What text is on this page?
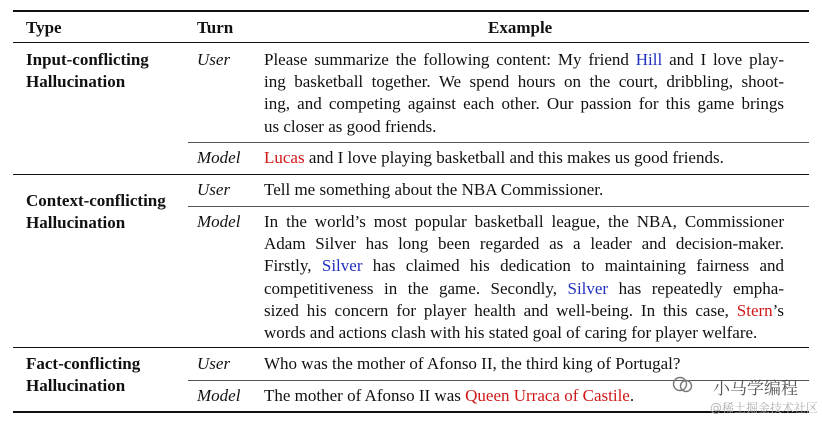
Type	Turn	Example
Input-conflicting
Hallucination
User Please summarize the following content: My friend Hill and I love play-
ing basketball together. We spend hours on the court, dribbling, shoot-
ing, and competing against each other. Our passion for this game brings
us closer as good friends.
Model Lucas and I love playing basketball and this makes us good friends.
Context-conflicting
Hallucination
User Tell me something about the NBA Commissioner.
Model In the world’s most popular basketball league, the NBA, Commissioner
Adam Silver has long been regarded as a leader and decision-maker.
Firstly, Silver has claimed his dedication to maintaining fairness and
competitiveness in the game. Secondly, Silver has repeatedly empha-
sized his concern for player health and well-being. In this case, Stern’s
words and actions clash with his stated goal of caring for player welfare.
Fact-conflicting
Hallucination
User Who was the mother of Afonso II, the third king of Portugal?
Model The mother of Afonso II was Queen Urraca of Castile.	小马学编程
@稀土掘金技术社区
